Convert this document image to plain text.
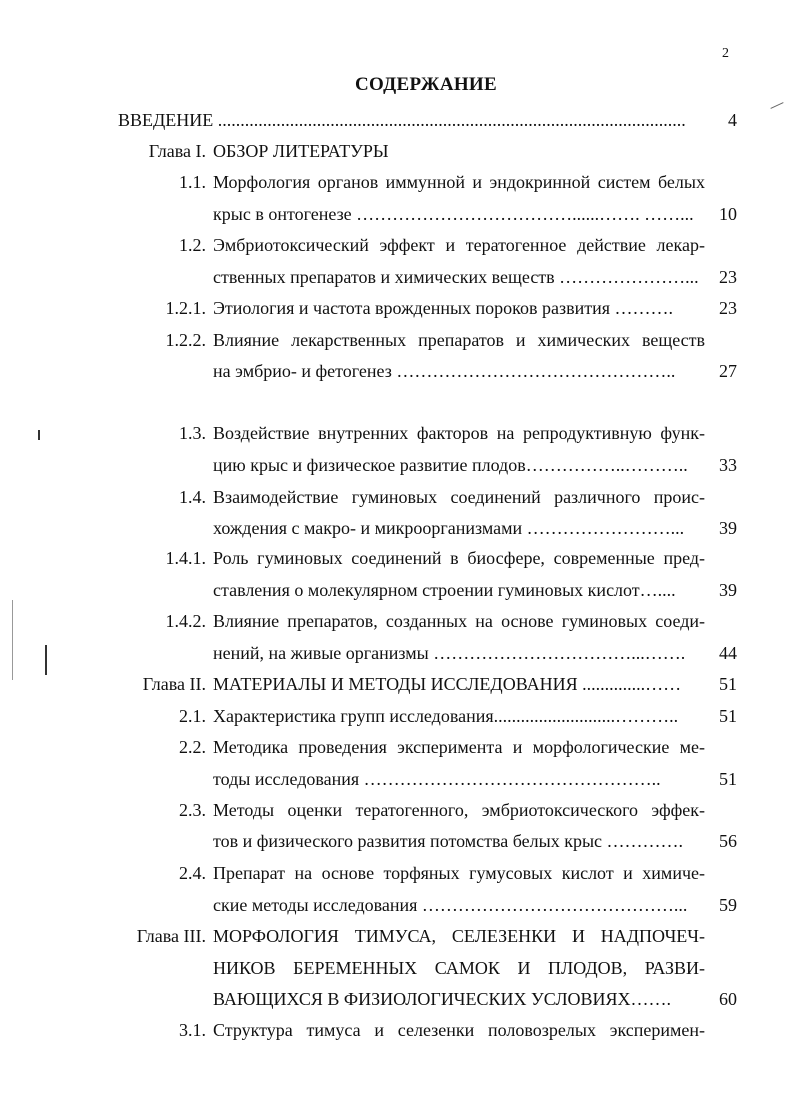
2
СОДЕРЖАНИЕ
ВВЕДЕНИЕ ........................................................................................................	4
Глава I. ОБЗОР ЛИТЕРАТУРЫ
1.1. Морфология органов иммунной и эндокринной систем белых
крыс в онтогенезе ………………………………......……. ……...	10
1.2. Эмбриотоксический эффект и тератогенное действие лекар-
ственных препаратов и химических веществ …………………...	23
1.2.1. Этиология и частота врожденных пороков развития ……….	23
1.2.2. Влияние лекарственных препаратов и химических веществ
на эмбрио- и фетогенез ………………………………………..	27
1.3. Воздействие внутренних факторов на репродуктивную функ-
цию крыс и физическое развитие плодов……………..………..	33
1.4. Взаимодействие гуминовых соединений различного проис-
хождения с макро- и микроорганизмами ……………………...	39
1.4.1. Роль гуминовых соединений в биосфере, современные пред-
ставления о молекулярном строении гуминовых кислот…....	39
1.4.2. Влияние препаратов, созданных на основе гуминовых соеди-
нений, на живые организмы ……………………………...…….	44
Глава II. МАТЕРИАЛЫ И МЕТОДЫ ИССЛЕДОВАНИЯ ..............……	51
2.1. Характеристика групп исследования...........................………..	51
2.2. Методика проведения эксперимента и морфологические ме-
тоды исследования …………………………………………..	51
2.3. Методы оценки тератогенного, эмбриотоксического эффек-
тов и физического развития потомства белых крыс ………….	56
2.4. Препарат на основе торфяных гумусовых кислот и химиче-
ские методы исследования ……………………………………...	59
Глава III. МОРФОЛОГИЯ ТИМУСА, СЕЛЕЗЕНКИ И НАДПОЧЕЧ-
НИКОВ БЕРЕМЕННЫХ САМОК И ПЛОДОВ, РАЗВИ-
ВАЮЩИХСЯ В ФИЗИОЛОГИЧЕСКИХ УСЛОВИЯХ…….	60
3.1. Структура тимуса и селезенки половозрелых эксперимен-
